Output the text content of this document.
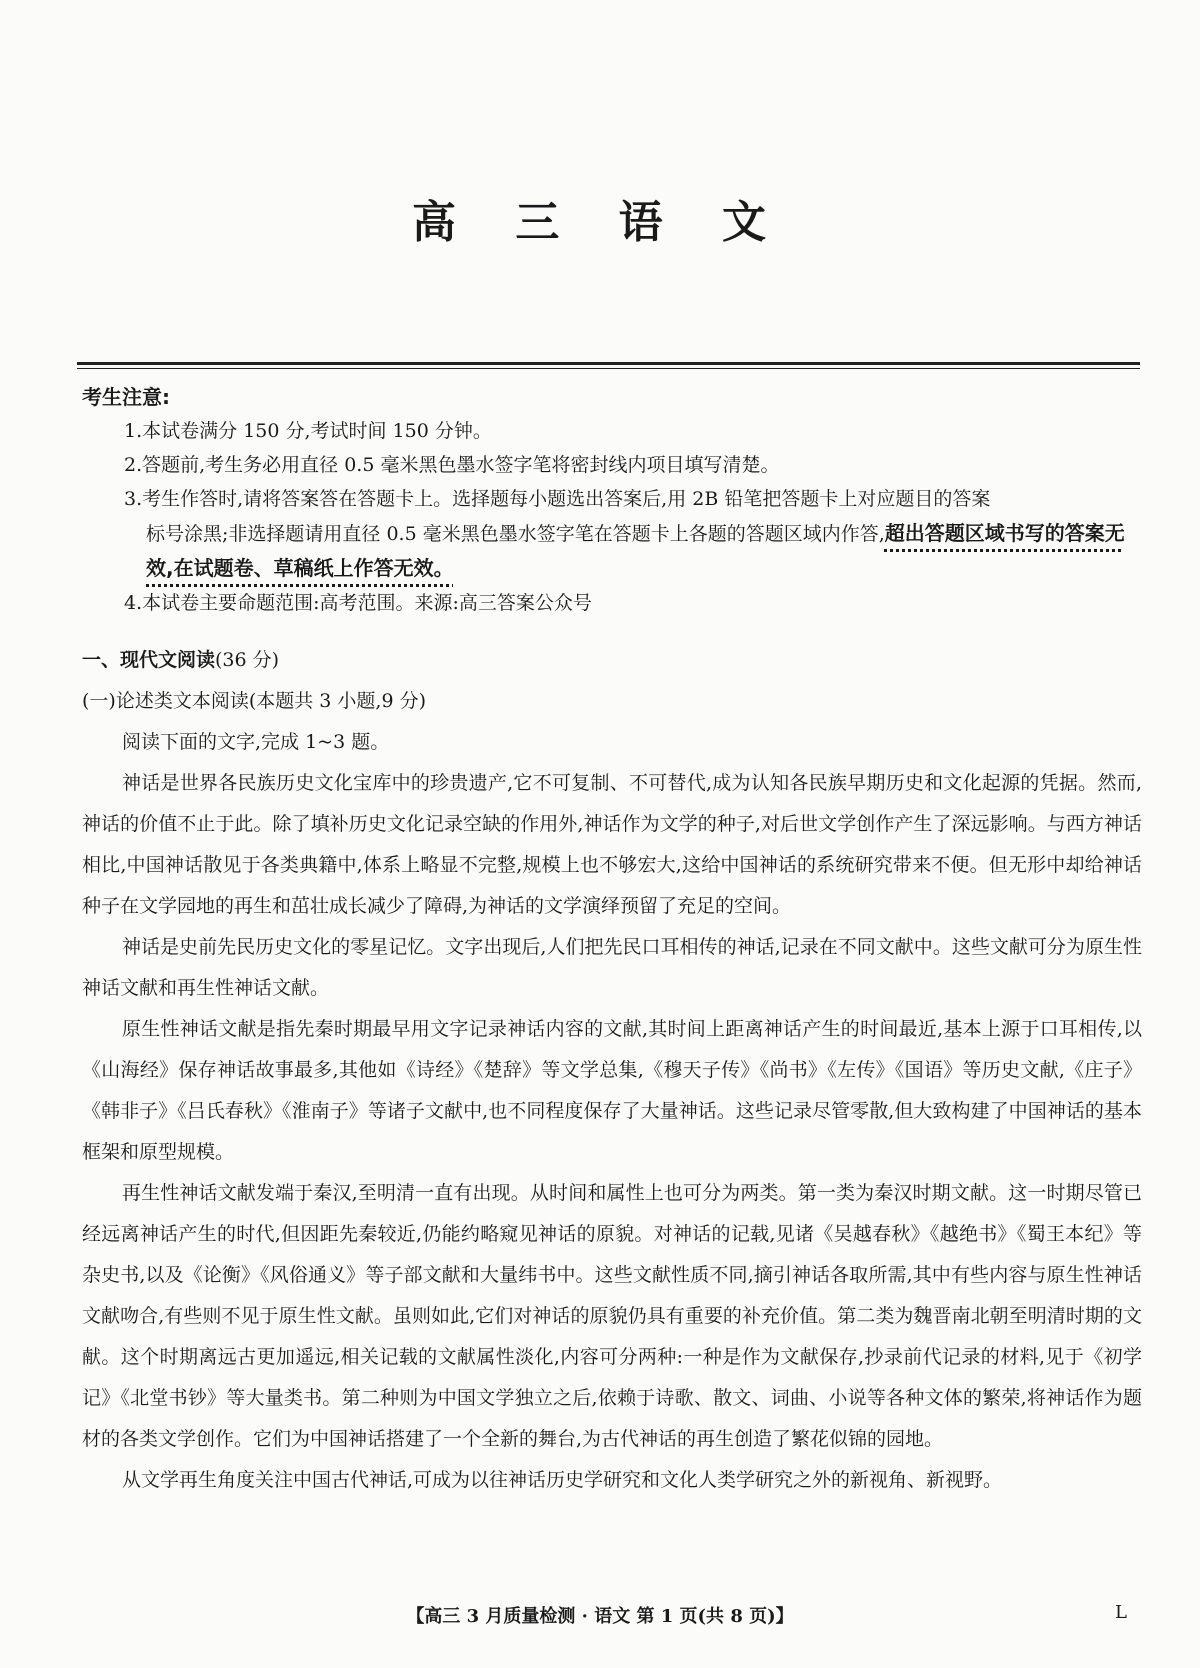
高 三 语 文
考生注意:
1.本试卷满分 150 分,考试时间 150 分钟。
2.答题前,考生务必用直径 0.5 毫米黑色墨水签字笔将密封线内项目填写清楚。
3.考生作答时,请将答案答在答题卡上。选择题每小题选出答案后,用 2B 铅笔把答题卡上对应题目的答案
标号涂黑;非选择题请用直径 0.5 毫米黑色墨水签字笔在答题卡上各题的答题区域内作答,超出答题区域书写的答案无效,在试题卷、草稿纸上作答无效。
4.本试卷主要命题范围:高考范围。来源:高三答案公众号
一、现代文阅读(36 分)
(一)论述类文本阅读(本题共 3 小题,9 分)

阅读下面的文字,完成 1~3 题。

神话是世界各民族历史文化宝库中的珍贵遗产,它不可复制、不可替代,成为认知各民族早期历史和文化起源的凭据。然而,神话的价值不止于此。除了填补历史文化记录空缺的作用外,神话作为文学的种子,对后世文学创作产生了深远影响。与西方神话相比,中国神话散见于各类典籍中,体系上略显不完整,规模上也不够宏大,这给中国神话的系统研究带来不便。但无形中却给神话种子在文学园地的再生和茁壮成长减少了障碍,为神话的文学演绎预留了充足的空间。

神话是史前先民历史文化的零星记忆。文字出现后,人们把先民口耳相传的神话,记录在不同文献中。这些文献可分为原生性神话文献和再生性神话文献。

原生性神话文献是指先秦时期最早用文字记录神话内容的文献,其时间上距离神话产生的时间最近,基本上源于口耳相传,以《山海经》保存神话故事最多,其他如《诗经》《楚辞》等文学总集,《穆天子传》《尚书》《左传》《国语》等历史文献,《庄子》《韩非子》《吕氏春秋》《淮南子》等诸子文献中,也不同程度保存了大量神话。这些记录尽管零散,但大致构建了中国神话的基本框架和原型规模。

再生性神话文献发端于秦汉,至明清一直有出现。从时间和属性上也可分为两类。第一类为秦汉时期文献。这一时期尽管已经远离神话产生的时代,但因距先秦较近,仍能约略窥见神话的原貌。对神话的记载,见诸《吴越春秋》《越绝书》《蜀王本纪》等杂史书,以及《论衡》《风俗通义》等子部文献和大量纬书中。这些文献性质不同,摘引神话各取所需,其中有些内容与原生性神话文献吻合,有些则不见于原生性文献。虽则如此,它们对神话的原貌仍具有重要的补充价值。第二类为魏晋南北朝至明清时期的文献。这个时期离远古更加遥远,相关记载的文献属性淡化,内容可分两种:一种是作为文献保存,抄录前代记录的材料,见于《初学记》《北堂书钞》等大量类书。第二种则为中国文学独立之后,依赖于诗歌、散文、词曲、小说等各种文体的繁荣,将神话作为题材的各类文学创作。它们为中国神话搭建了一个全新的舞台,为古代神话的再生创造了繁花似锦的园地。

从文学再生角度关注中国古代神话,可成为以往神话历史学研究和文化人类学研究之外的新视角、新视野。

【高三 3 月质量检测 · 语文 第 1 页(共 8 页)】	L
